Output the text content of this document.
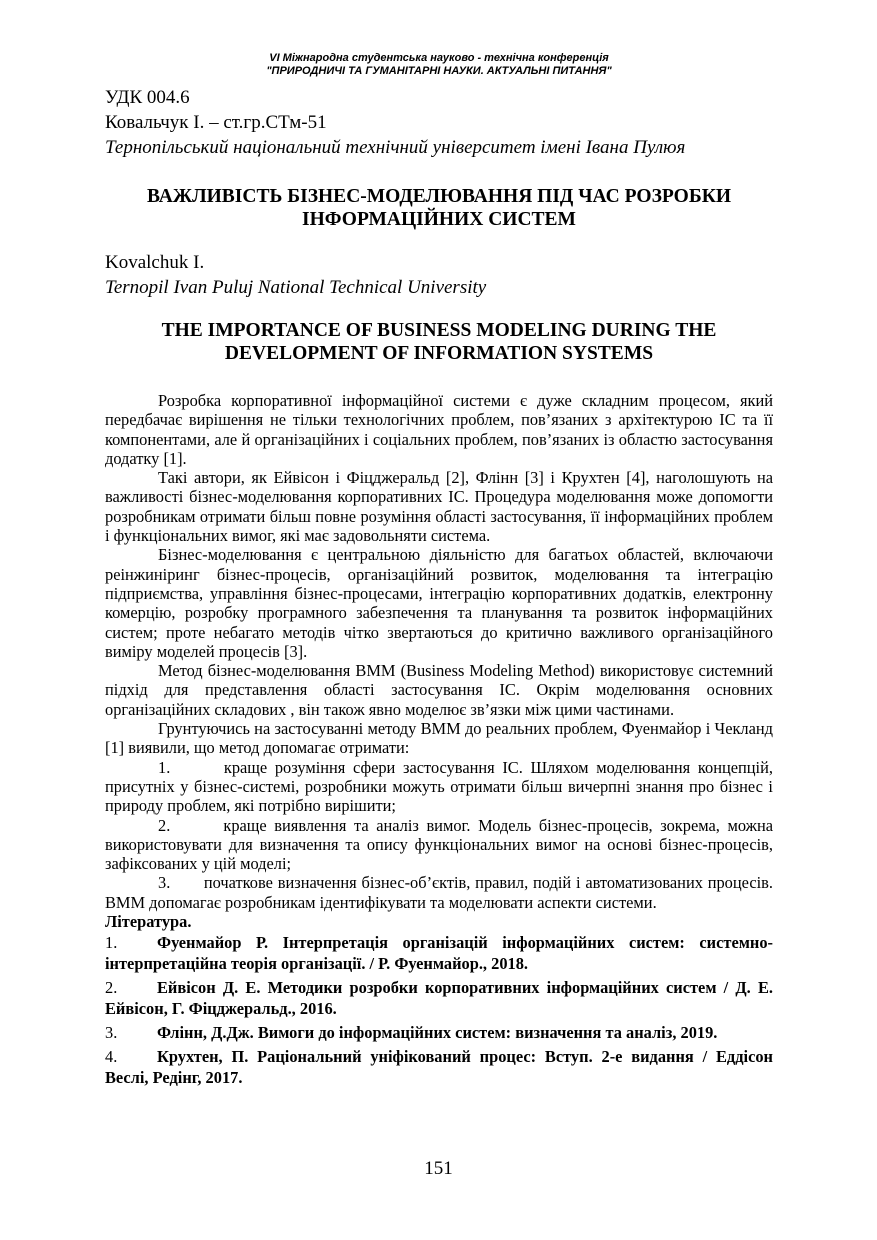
VI Міжнародна студентська науково - технічна конференція
"ПРИРОДНИЧІ ТА ГУМАНІТАРНІ НАУКИ. АКТУАЛЬНІ ПИТАННЯ"
УДК 004.6
Ковальчук І. – ст.гр.СТм-51
Тернопільський національний технічний університет імені Івана Пулюя
ВАЖЛИВІСТЬ БІЗНЕС-МОДЕЛЮВАННЯ ПІД ЧАС РОЗРОБКИ
ІНФОРМАЦІЙНИХ СИСТЕМ
Kovalchuk I.
Ternopil Ivan Puluj National Technical University
THE IMPORTANCE OF BUSINESS MODELING DURING THE
DEVELOPMENT OF INFORMATION SYSTEMS

Розробка корпоративної інформаційної системи є дуже складним процесом, який передбачає вирішення не тільки технологічних проблем, пов’язаних з архітектурою ІС та її компонентами, але й організаційних і соціальних проблем, пов’язаних із областю застосування додатку [1].

Такі автори, як Ейвісон і Фіцджеральд [2], Флінн [3] і Крухтен [4], наголошують на важливості бізнес-моделювання корпоративних ІС. Процедура моделювання може допомогти розробникам отримати більш повне розуміння області застосування, її інформаційних проблем і функціональних вимог, які має задовольняти система.

Бізнес-моделювання є центральною діяльністю для багатьох областей, включаючи реінжиніринг бізнес-процесів, організаційний розвиток, моделювання та інтеграцію підприємства, управління бізнес-процесами, інтеграцію корпоративних додатків, електронну комерцію, розробку програмного забезпечення та планування та розвиток інформаційних систем; проте небагато методів чітко звертаються до критично важливого організаційного виміру моделей процесів [3].

Метод бізнес-моделювання BMM (Business Modeling Method) використовує системний підхід для представлення області застосування ІС. Окрім моделювання основних організаційних складових , він також явно моделює зв’язки між цими частинами.

Грунтуючись на застосуванні методу BMM до реальних проблем, Фуенмайор і Чекланд [1] виявили, що метод допомагає отримати:

1.       краще розуміння сфери застосування ІС. Шляхом моделювання концепцій, присутніх у бізнес-системі, розробники можуть отримати більш вичерпні знання про бізнес і природу проблем, які потрібно вирішити;

2.       краще виявлення та аналіз вимог. Модель бізнес-процесів, зокрема, можна використовувати для визначення та опису функціональних вимог на основі бізнес-процесів, зафіксованих у цій моделі;

3.       початкове визначення бізнес-об’єктів, правил, подій і автоматизованих процесів. BMM допомагає розробникам ідентифікувати та моделювати аспекти системи.

Література.
1. Фуенмайор Р. Інтерпретація організацій інформаційних систем: системно-інтерпретаційна теорія організації. / Р. Фуенмайор., 2018.
2. Ейвісон Д. Е. Методики розробки корпоративних інформаційних систем / Д. Е. Ейвісон, Г. Фіцджеральд., 2016.
3. Флінн, Д.Дж. Вимоги до інформаційних систем: визначення та аналіз, 2019.
4. Крухтен, П. Раціональний уніфікований процес: Вступ. 2-е видання / Еддісон Веслі, Редінг, 2017.
151
